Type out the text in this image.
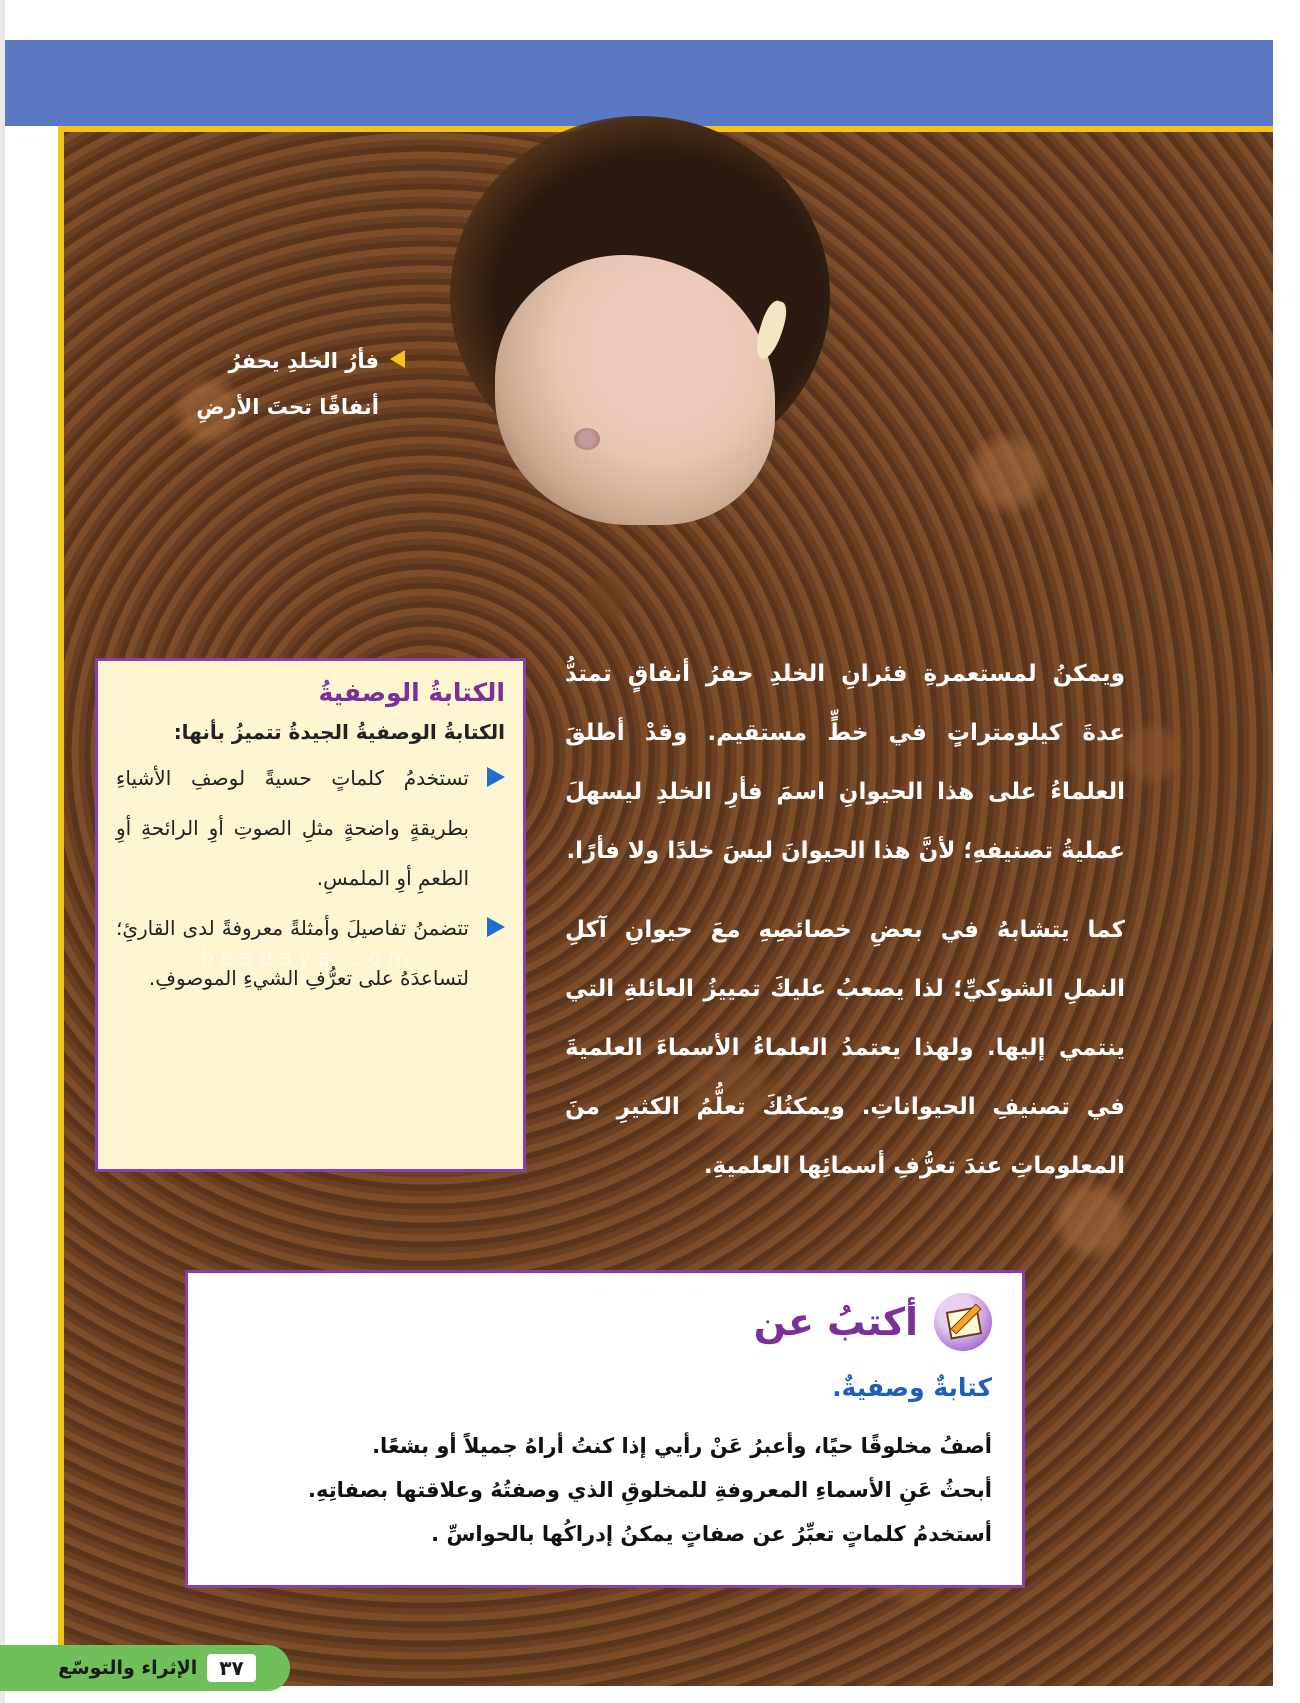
فأرُ الخلدِ يحفرُ أنفاقًا تحتَ الأرضِ

ويمكنُ لمستعمرةِ فئرانِ الخلدِ حفرُ أنفاقٍ تمتدُّ عدةَ كيلومتراتٍ في خطٍّ مستقيم. وقدْ أطلقَ العلماءُ على هذا الحيوانِ اسمَ فأرِ الخلدِ ليسهلَ عمليةُ تصنيفهِ؛ لأنَّ هذا الحيوانَ ليسَ خلدًا ولا فأرًا.

كما يتشابهُ في بعضِ خصائصِهِ معَ حيوانِ آكلِ النملِ الشوكيِّ؛ لذا يصعبُ عليكَ تمييزُ العائلةِ التي ينتمي إليها. ولهذا يعتمدُ العلماءُ الأسماءَ العلميةَ في تصنيفِ الحيواناتِ. ويمكنُكَ تعلُّمُ الكثيرِ منَ المعلوماتِ عندَ تعرُّفِ أسمائِها العلميةِ.

الكتابةُ الوصفيةُ
الكتابةُ الوصفيةُ الجيدةُ تتميزُ بأنها:
تستخدمُ كلماتٍ حسيةً لوصفِ الأشياءِ بطريقةٍ واضحةٍ مثلِ الصوتِ أوِ الرائحةِ أوِ الطعمِ أوِ الملمسِ.
تتضمنُ تفاصيلَ وأمثلةً معروفةً لدى القارئِ؛ لتساعدَهُ على تعرُّفِ الشيءِ الموصوفِ.
beadaya.com
أكتبُ عن
كتابةٌ وصفيةٌ.
أصفُ مخلوقًا حيًا، وأعبرُ عَنْ رأيي إذا كنتُ أراهُ جميلاً أو بشعًا.
أبحثُ عَنِ الأسماءِ المعروفةِ للمخلوقِ الذي وصفتُهُ وعلاقتها بصفاتِهِ.
أستخدمُ كلماتٍ تعبِّرُ عن صفاتٍ يمكنُ إدراكُها بالحواسِّ .
الإثراء والتوسّع	٣٧
